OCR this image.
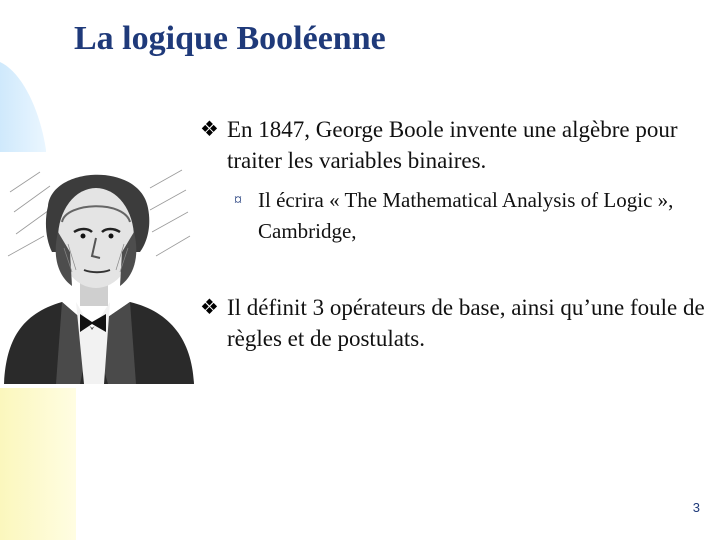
La logique Booléenne
❖ En 1847, George Boole invente une algèbre pour traiter les variables binaires.
¤ Il écrira « The Mathematical Analysis of Logic », Cambridge,
❖ Il définit 3 opérateurs de base, ainsi qu’une foule de règles et de postulats.
3
